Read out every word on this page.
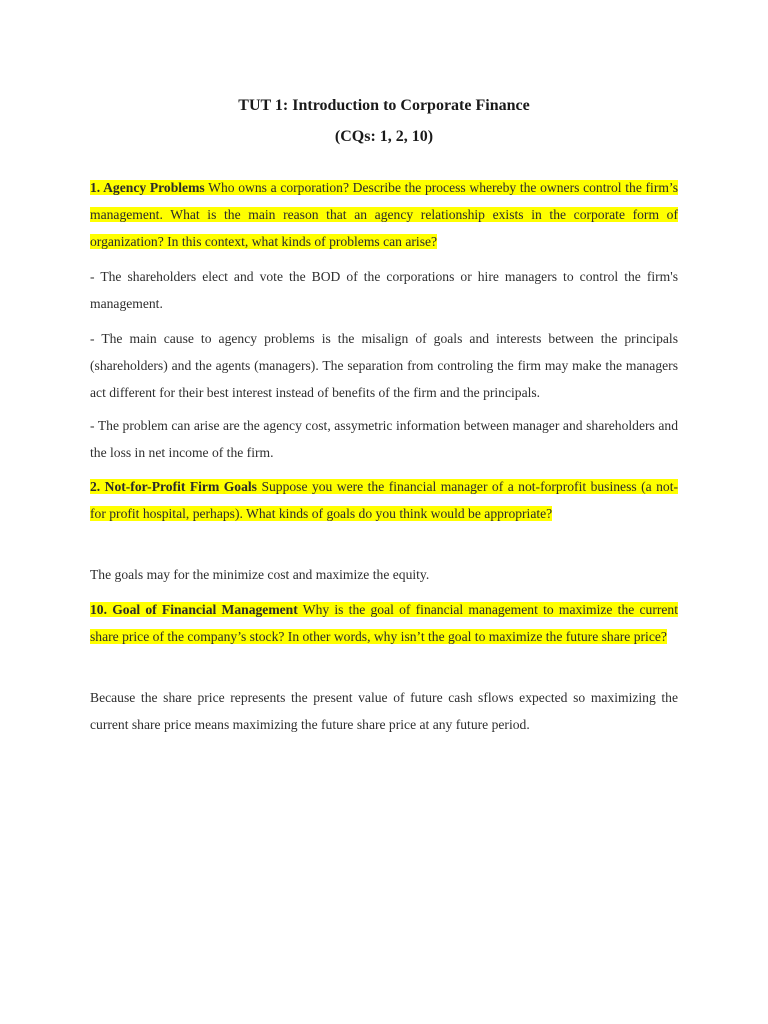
TUT 1: Introduction to Corporate Finance
(CQs: 1, 2, 10)
1. Agency Problems Who owns a corporation? Describe the process whereby the owners control the firm’s management. What is the main reason that an agency relationship exists in the corporate form of organization? In this context, what kinds of problems can arise?
- The shareholders elect and vote the BOD of the corporations or hire managers to control the firm's management.
- The main cause to agency problems is the misalign of goals and interests between the principals (shareholders) and the agents (managers). The separation from controling the firm may make the managers act different for their best interest instead of benefits of the firm and the principals.
- The problem can arise are the agency cost, assymetric information between manager and shareholders and the loss in net income of the firm.
2. Not-for-Profit Firm Goals Suppose you were the financial manager of a not-forprofit business (a not-for profit hospital, perhaps). What kinds of goals do you think would be appropriate?
The goals may for the minimize cost and maximize the equity.
10. Goal of Financial Management Why is the goal of financial management to maximize the current share price of the company’s stock? In other words, why isn’t the goal to maximize the future share price?
Because the share price represents the present value of future cash sflows expected so maximizing the current share price means maximizing the future share price at any future period.
